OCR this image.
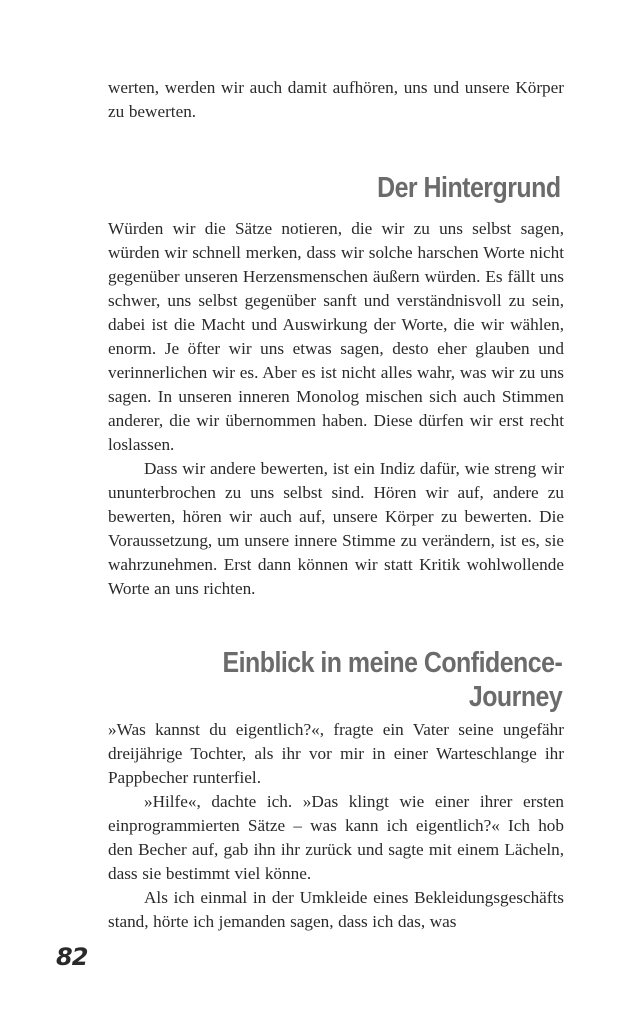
werten, werden wir auch damit aufhören, uns und unsere Körper zu bewerten.

Der Hintergrund

Würden wir die Sätze notieren, die wir zu uns selbst sagen, würden wir schnell merken, dass wir solche harschen Worte nicht gegenüber unseren Herzensmenschen äußern würden. Es fällt uns schwer, uns selbst gegenüber sanft und verständnisvoll zu sein, dabei ist die Macht und Auswirkung der Worte, die wir wählen, enorm. Je öfter wir uns etwas sagen, desto eher glauben und verinnerlichen wir es. Aber es ist nicht alles wahr, was wir zu uns sagen. In unseren inneren Monolog mischen sich auch Stimmen anderer, die wir übernommen haben. Diese dürfen wir erst recht loslassen.

Dass wir andere bewerten, ist ein Indiz dafür, wie streng wir ununterbrochen zu uns selbst sind. Hören wir auf, andere zu bewerten, hören wir auch auf, unsere Körper zu bewerten. Die Voraussetzung, um unsere innere Stimme zu verändern, ist es, sie wahrzunehmen. Erst dann können wir statt Kritik wohlwollende Worte an uns richten.

Einblick in meine Confidence-Journey

»Was kannst du eigentlich?«, fragte ein Vater seine ungefähr dreijährige Tochter, als ihr vor mir in einer Warteschlange ihr Pappbecher runterfiel.

»Hilfe«, dachte ich. »Das klingt wie einer ihrer ersten einprogrammierten Sätze – was kann ich eigentlich?« Ich hob den Becher auf, gab ihn ihr zurück und sagte mit einem Lächeln, dass sie bestimmt viel könne.

Als ich einmal in der Umkleide eines Bekleidungsgeschäfts stand, hörte ich jemanden sagen, dass ich das, was

82
